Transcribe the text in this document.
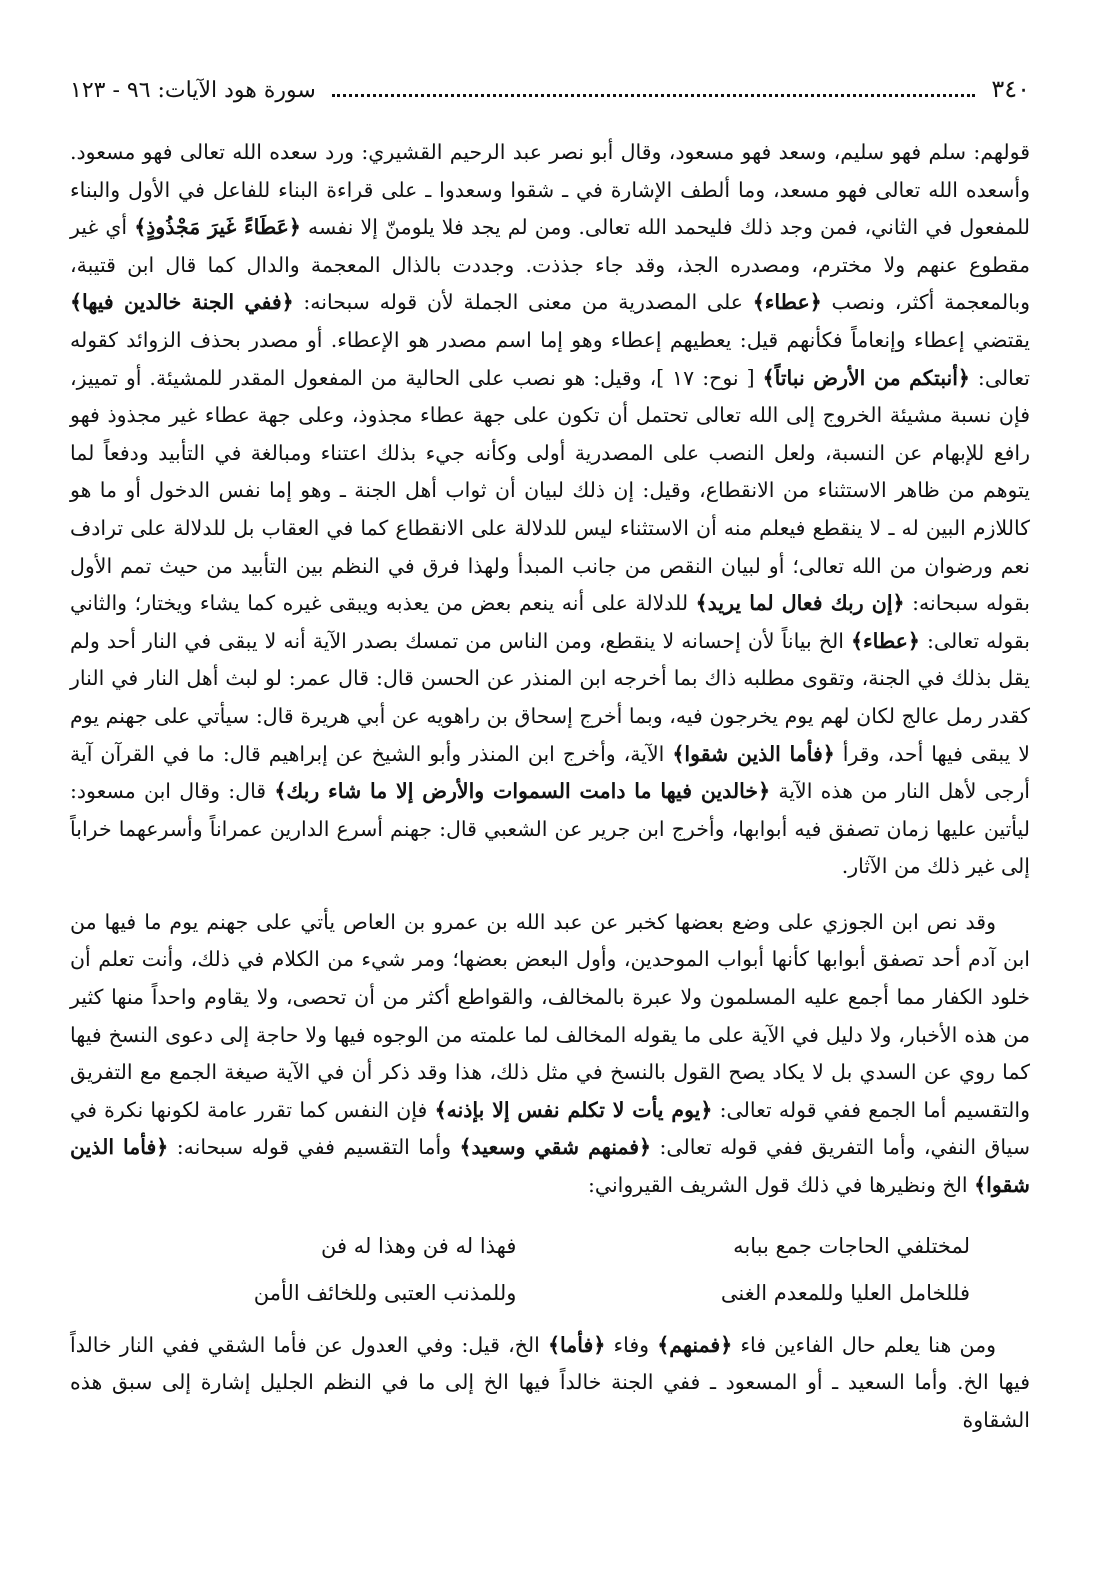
٣٤٠
سورة هود الآيات: ٩٦ - ١٢٣

قولهم: سلم فهو سليم، وسعد فهو مسعود، وقال أبو نصر عبد الرحيم القشيري: ورد سعده الله تعالى فهو مسعود. وأسعده الله تعالى فهو مسعد، وما ألطف الإشارة في ـ شقوا وسعدوا ـ على قراءة البناء للفاعل في الأول والبناء للمفعول في الثاني، فمن وجد ذلك فليحمد الله تعالى. ومن لم يجد فلا يلومنّ إلا نفسه ﴿عَطَاءً غَيرَ مَجْذُوذٍ﴾ أي غير مقطوع عنهم ولا مخترم، ومصدره الجذ، وقد جاء جذذت. وجددت بالذال المعجمة والدال كما قال ابن قتيبة، وبالمعجمة أكثر، ونصب ﴿عطاء﴾ على المصدرية من معنى الجملة لأن قوله سبحانه: ﴿ففي الجنة خالدين فيها﴾ يقتضي إعطاء وإنعاماً فكأنهم قيل: يعطيهم إعطاء وهو إما اسم مصدر هو الإعطاء. أو مصدر بحذف الزوائد كقوله تعالى: ﴿أنبتكم من الأرض نباتاً﴾ [ نوح: ١٧ ]، وقيل: هو نصب على الحالية من المفعول المقدر للمشيئة. أو تمييز، فإن نسبة مشيئة الخروج إلى الله تعالى تحتمل أن تكون على جهة عطاء مجذوذ، وعلى جهة عطاء غير مجذوذ فهو رافع للإبهام عن النسبة، ولعل النصب على المصدرية أولى وكأنه جيء بذلك اعتناء ومبالغة في التأبيد ودفعاً لما يتوهم من ظاهر الاستثناء من الانقطاع، وقيل: إن ذلك لبيان أن ثواب أهل الجنة ـ وهو إما نفس الدخول أو ما هو كاللازم البين له ـ لا ينقطع فيعلم منه أن الاستثناء ليس للدلالة على الانقطاع كما في العقاب بل للدلالة على ترادف نعم ورضوان من الله تعالى؛ أو لبيان النقص من جانب المبدأ ولهذا فرق في النظم بين التأبيد من حيث تمم الأول بقوله سبحانه: ﴿إن ربك فعال لما يريد﴾ للدلالة على أنه ينعم بعض من يعذبه ويبقى غيره كما يشاء ويختار؛ والثاني بقوله تعالى: ﴿عطاء﴾ الخ بياناً لأن إحسانه لا ينقطع، ومن الناس من تمسك بصدر الآية أنه لا يبقى في النار أحد ولم يقل بذلك في الجنة، وتقوى مطلبه ذاك بما أخرجه ابن المنذر عن الحسن قال: قال عمر: لو لبث أهل النار في النار كقدر رمل عالج لكان لهم يوم يخرجون فيه، وبما أخرج إسحاق بن راهويه عن أبي هريرة قال: سيأتي على جهنم يوم لا يبقى فيها أحد، وقرأ ﴿فأما الذين شقوا﴾ الآية، وأخرج ابن المنذر وأبو الشيخ عن إبراهيم قال: ما في القرآن آية أرجى لأهل النار من هذه الآية ﴿خالدين فيها ما دامت السموات والأرض إلا ما شاء ربك﴾ قال: وقال ابن مسعود: ليأتين عليها زمان تصفق فيه أبوابها، وأخرج ابن جرير عن الشعبي قال: جهنم أسرع الدارين عمراناً وأسرعهما خراباً إلى غير ذلك من الآثار.

وقد نص ابن الجوزي على وضع بعضها كخبر عن عبد الله بن عمرو بن العاص يأتي على جهنم يوم ما فيها من ابن آدم أحد تصفق أبوابها كأنها أبواب الموحدين، وأول البعض بعضها؛ ومر شيء من الكلام في ذلك، وأنت تعلم أن خلود الكفار مما أجمع عليه المسلمون ولا عبرة بالمخالف، والقواطع أكثر من أن تحصى، ولا يقاوم واحداً منها كثير من هذه الأخبار، ولا دليل في الآية على ما يقوله المخالف لما علمته من الوجوه فيها ولا حاجة إلى دعوى النسخ فيها كما روي عن السدي بل لا يكاد يصح القول بالنسخ في مثل ذلك، هذا وقد ذكر أن في الآية صيغة الجمع مع التفريق والتقسيم أما الجمع ففي قوله تعالى: ﴿يوم يأت لا تكلم نفس إلا بإذنه﴾ فإن النفس كما تقرر عامة لكونها نكرة في سياق النفي، وأما التفريق ففي قوله تعالى: ﴿فمنهم شقي وسعيد﴾ وأما التقسيم ففي قوله سبحانه: ﴿فأما الذين شقوا﴾ الخ ونظيرها في ذلك قول الشريف القيرواني:

لمختلفي الحاجات جمع ببابه
فهذا له فن وهذا له فن
فللخامل العليا وللمعدم الغنى
وللمذنب العتبى وللخائف الأمن

ومن هنا يعلم حال الفاءين فاء ﴿فمنهم﴾ وفاء ﴿فأما﴾ الخ، قيل: وفي العدول عن فأما الشقي ففي النار خالداً فيها الخ. وأما السعيد ـ أو المسعود ـ ففي الجنة خالداً فيها الخ إلى ما في النظم الجليل إشارة إلى سبق هذه الشقاوة
